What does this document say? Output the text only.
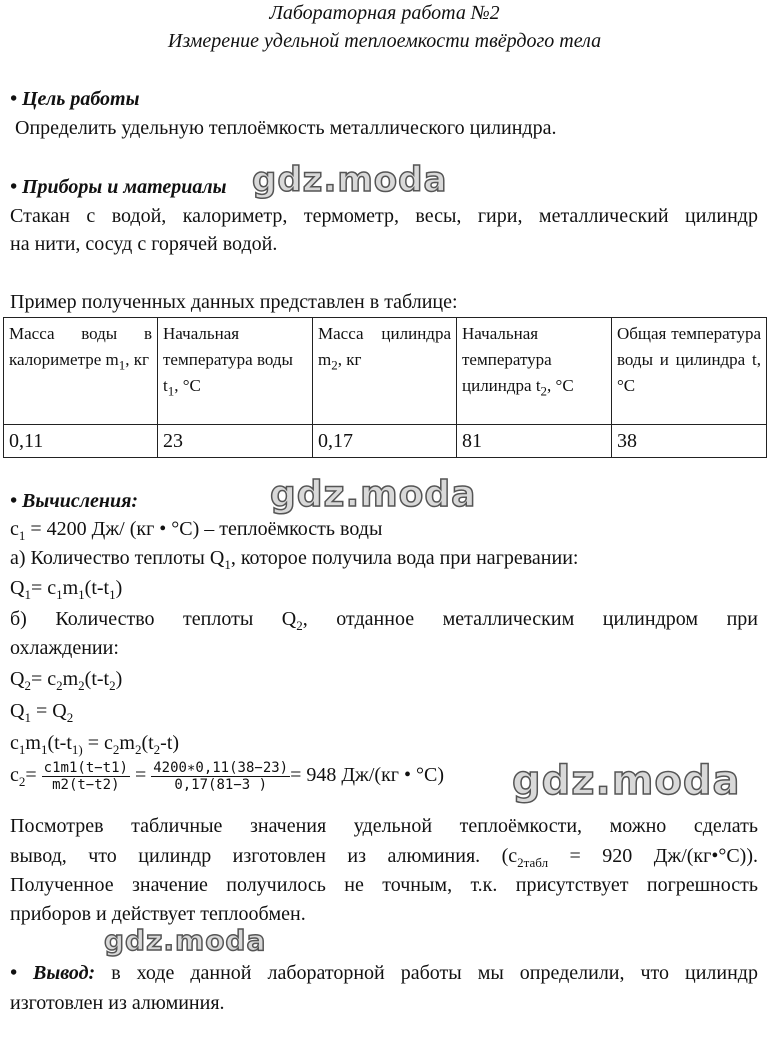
Лабораторная работа №2
Измерение удельной теплоемкости твёрдого тела
• Цель работы
Определить удельную теплоёмкость металлического цилиндра.
• Приборы и материалы gdz.moda
Стакан с водой, калориметр, термометр, весы, гири, металлический цилиндр
на нити, сосуд с горячей водой.
Пример полученных данных представлен в таблице:
Масса воды в калориметре $m_1$, кг	Начальная температура воды $t_1$, °С	Масса цилиндра $m_2$, кг	Начальная температура цилиндра $t_2$, °С	Общая температура воды и цилиндра t, °С
0,11	23	0,17	81	38
• Вычисления:	gdz.moda
$c_1 = 4200$ Дж/ (кг • °С) – теплоёмкость воды
а) Количество теплоты $Q_1$, которое получила вода при нагревании:
$Q_1= c_1m_1(t-t_1)$
б) Количество теплоты $Q_2$, отданное металлическим цилиндром при
охлаждении:
$Q_2= c_2m_2(t-t_2)$
$Q_1 = Q_2$
$c_1m_1(t-t_{1)} = c_2m_2(t_2-t)$
$c_2= \frac{c1m1(t-t1)}{m2(t-t2)} = \frac{4200∗0,11(38-23)}{0,17(81-3 )} = 948$ Дж/(кг • °С) gdz.moda
Посмотрев табличные значения удельной теплоёмкости, можно сделать
вывод, что цилиндр изготовлен из алюминия. ($c_{2табл} = 920$ Дж/(кг•°С)).
Полученное значение получилось не точным, т.к. присутствует погрешность
приборов и действует теплообмен.
gdz.moda
• Вывод: в ходе данной лабораторной работы мы определили, что цилиндр
изготовлен из алюминия.
